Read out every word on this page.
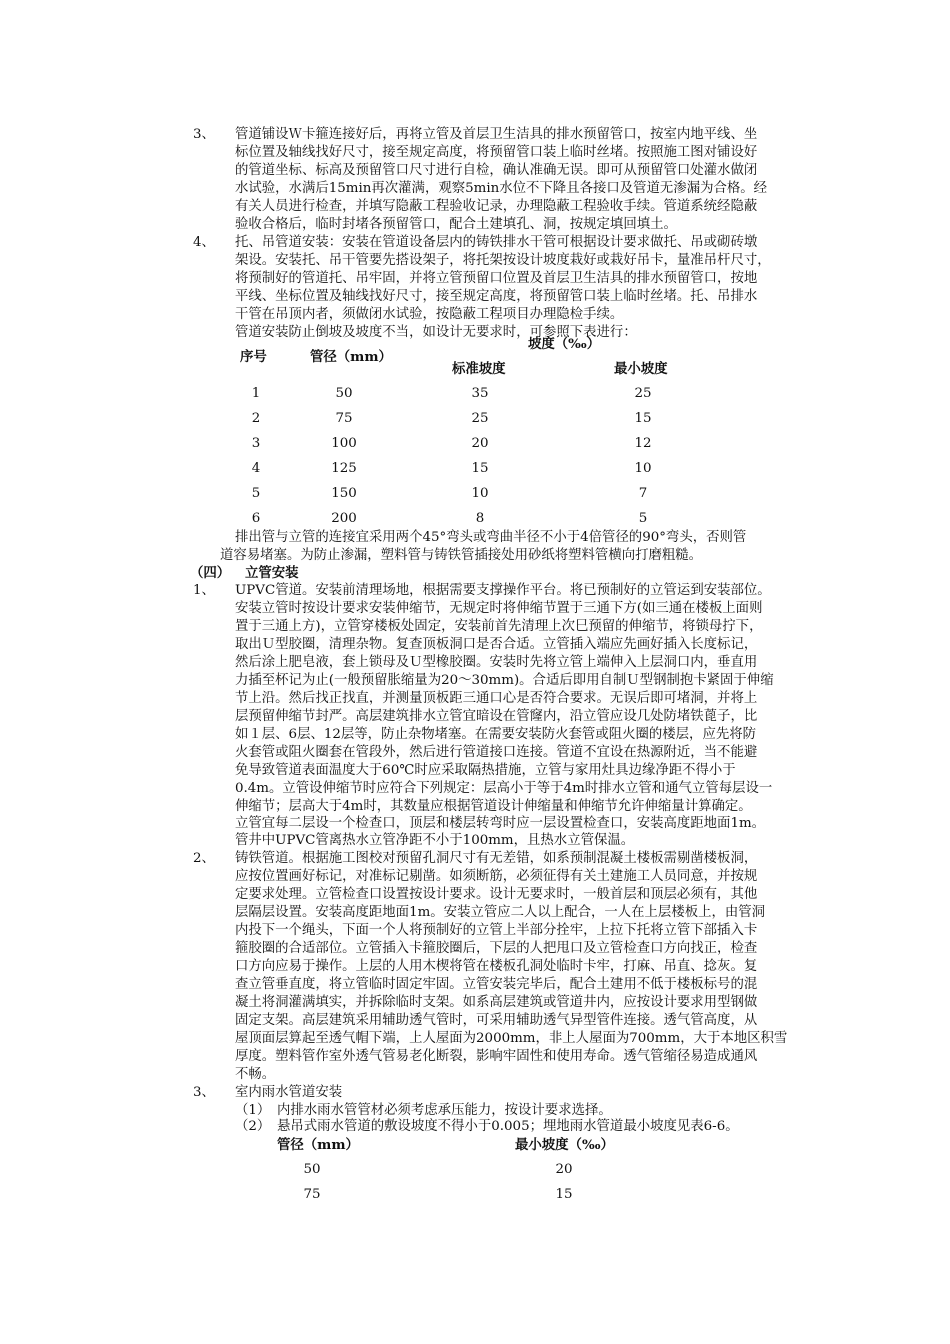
3、 管道铺设Ｗ卡箍连接好后，再将立管及首层卫生洁具的排水预留管口，按室内地平线、坐
标位置及轴线找好尺寸，接至规定高度，将预留管口装上临时丝堵。按照施工图对铺设好
的管道坐标、标高及预留管口尺寸进行自检，确认准确无误。即可从预留管口处灌水做闭
水试验，水满后15min再次灌满，观察5min水位不下降且各接口及管道无渗漏为合格。经
有关人员进行检查，并填写隐蔽工程验收记录，办理隐蔽工程验收手续。管道系统经隐蔽
验收合格后，临时封堵各预留管口，配合土建填孔、洞，按规定填回填土。
4、 托、吊管道安装：安装在管道设备层内的铸铁排水干管可根据设计要求做托、吊或砌砖墩
架设。安装托、吊干管要先搭设架子，将托架按设计坡度栽好或栽好吊卡，量准吊杆尺寸，
将预制好的管道托、吊牢固，并将立管预留口位置及首层卫生洁具的排水预留管口，按地
平线、坐标位置及轴线找好尺寸，接至规定高度，将预留管口装上临时丝堵。托、吊排水
干管在吊顶内者，须做闭水试验，按隐蔽工程项目办理隐检手续。
管道安装防止倒坡及坡度不当，如设计无要求时，可参照下表进行：
序号	管径（mm）
坡度（‰）
标准坡度	最小坡度
1	50	35	25
2	75	25	15
3	100	20	12
4	125	15	10
5	150	10	7
6	200	8	5
排出管与立管的连接宜采用两个45°弯头或弯曲半径不小于4倍管径的90°弯头，否则管
道容易堵塞。为防止渗漏，塑料管与铸铁管插接处用砂纸将塑料管横向打磨粗糙。
（四） 立管安装
1、 UPVC管道。安装前清理场地，根据需要支撑操作平台。将已预制好的立管运到安装部位。
安装立管时按设计要求安装伸缩节，无规定时将伸缩节置于三通下方(如三通在楼板上面则
置于三通上方)，立管穿楼板处固定，安装前首先清理上次巳预留的伸缩节，将锁母拧下，
取出Ｕ型胶圈，清理杂物。复查顶板洞口是否合适。立管插入端应先画好插入长度标记，
然后涂上肥皂液，套上锁母及Ｕ型橡胶圈。安装时先将立管上端伸入上层洞口内，垂直用
力插至杯记为止(一般预留胀缩量为20～30mm)。合适后即用自制Ｕ型钢制抱卡紧固于伸缩
节上沿。然后找正找直，并测量顶板距三通口心是否符合要求。无误后即可堵洞，并将上
层预留伸缩节封严。高层建筑排水立管宜暗设在管窿内，沿立管应设几处防堵铁蓖子，比
如１层、6层、12层等，防止杂物堵塞。在需要安装防火套管或阻火圈的楼层，应先将防
火套管或阻火圈套在管段外，然后进行管道接口连接。管道不宜设在热源附近，当不能避
免导致管道表面温度大于60℃时应采取隔热措施，立管与家用灶具边缘净距不得小于
0.4m。立管设伸缩节时应符合下列规定：层高小于等于4m时排水立管和通气立管每层设一
伸缩节；层高大于4m时，其数量应根据管道设计伸缩量和伸缩节允许伸缩量计算确定。
立管宜每二层设一个检查口，顶层和楼层转弯时应一层设置检查口，安装高度距地面1m。
管井中UPVC管离热水立管净距不小于100mm，且热水立管保温。
2、 铸铁管道。根据施工图校对预留孔洞尺寸有无差错，如系预制混凝土楼板需剔凿楼板洞，
应按位置画好标记，对准标记剔凿。如须断筋，必须征得有关土建施工人员同意，并按规
定要求处理。立管检查口设置按设计要求。设计无要求时，一般首层和顶层必须有，其他
层隔层设置。安装高度距地面1m。安装立管应二人以上配合，一人在上层楼板上，由管洞
内投下一个绳头，下面一个人将预制好的立管上半部分拴牢，上拉下托将立管下部插入卡
箍胶圈的合适部位。立管插入卡箍胶圈后，下层的人把甩口及立管检查口方向找正，检查
口方向应易于操作。上层的人用木楔将管在楼板孔洞处临时卡牢，打麻、吊直、捻灰。复
查立管垂直度，将立管临时固定牢固。立管安装完毕后，配合土建用不低于楼板标号的混
凝土将洞灌满填实，并拆除临时支架。如系高层建筑或管道井内，应按设计要求用型钢做
固定支架。高层建筑采用辅助透气管时，可采用辅助透气异型管件连接。透气管高度，从
屋顶面层算起至透气帽下端，上人屋面为2000mm，非上人屋面为700mm，大于本地区积雪
厚度。塑料管作室外透气管易老化断裂，影响牢固性和使用寿命。透气管缩径易造成通风
不畅。
3、 室内雨水管道安装
（1） 内排水雨水管管材必须考虑承压能力，按设计要求选择。
（2） 悬吊式雨水管道的敷设坡度不得小于0.005；埋地雨水管道最小坡度见表6-6。
管径（mm）	最小坡度（‰）
50	20
75	15
